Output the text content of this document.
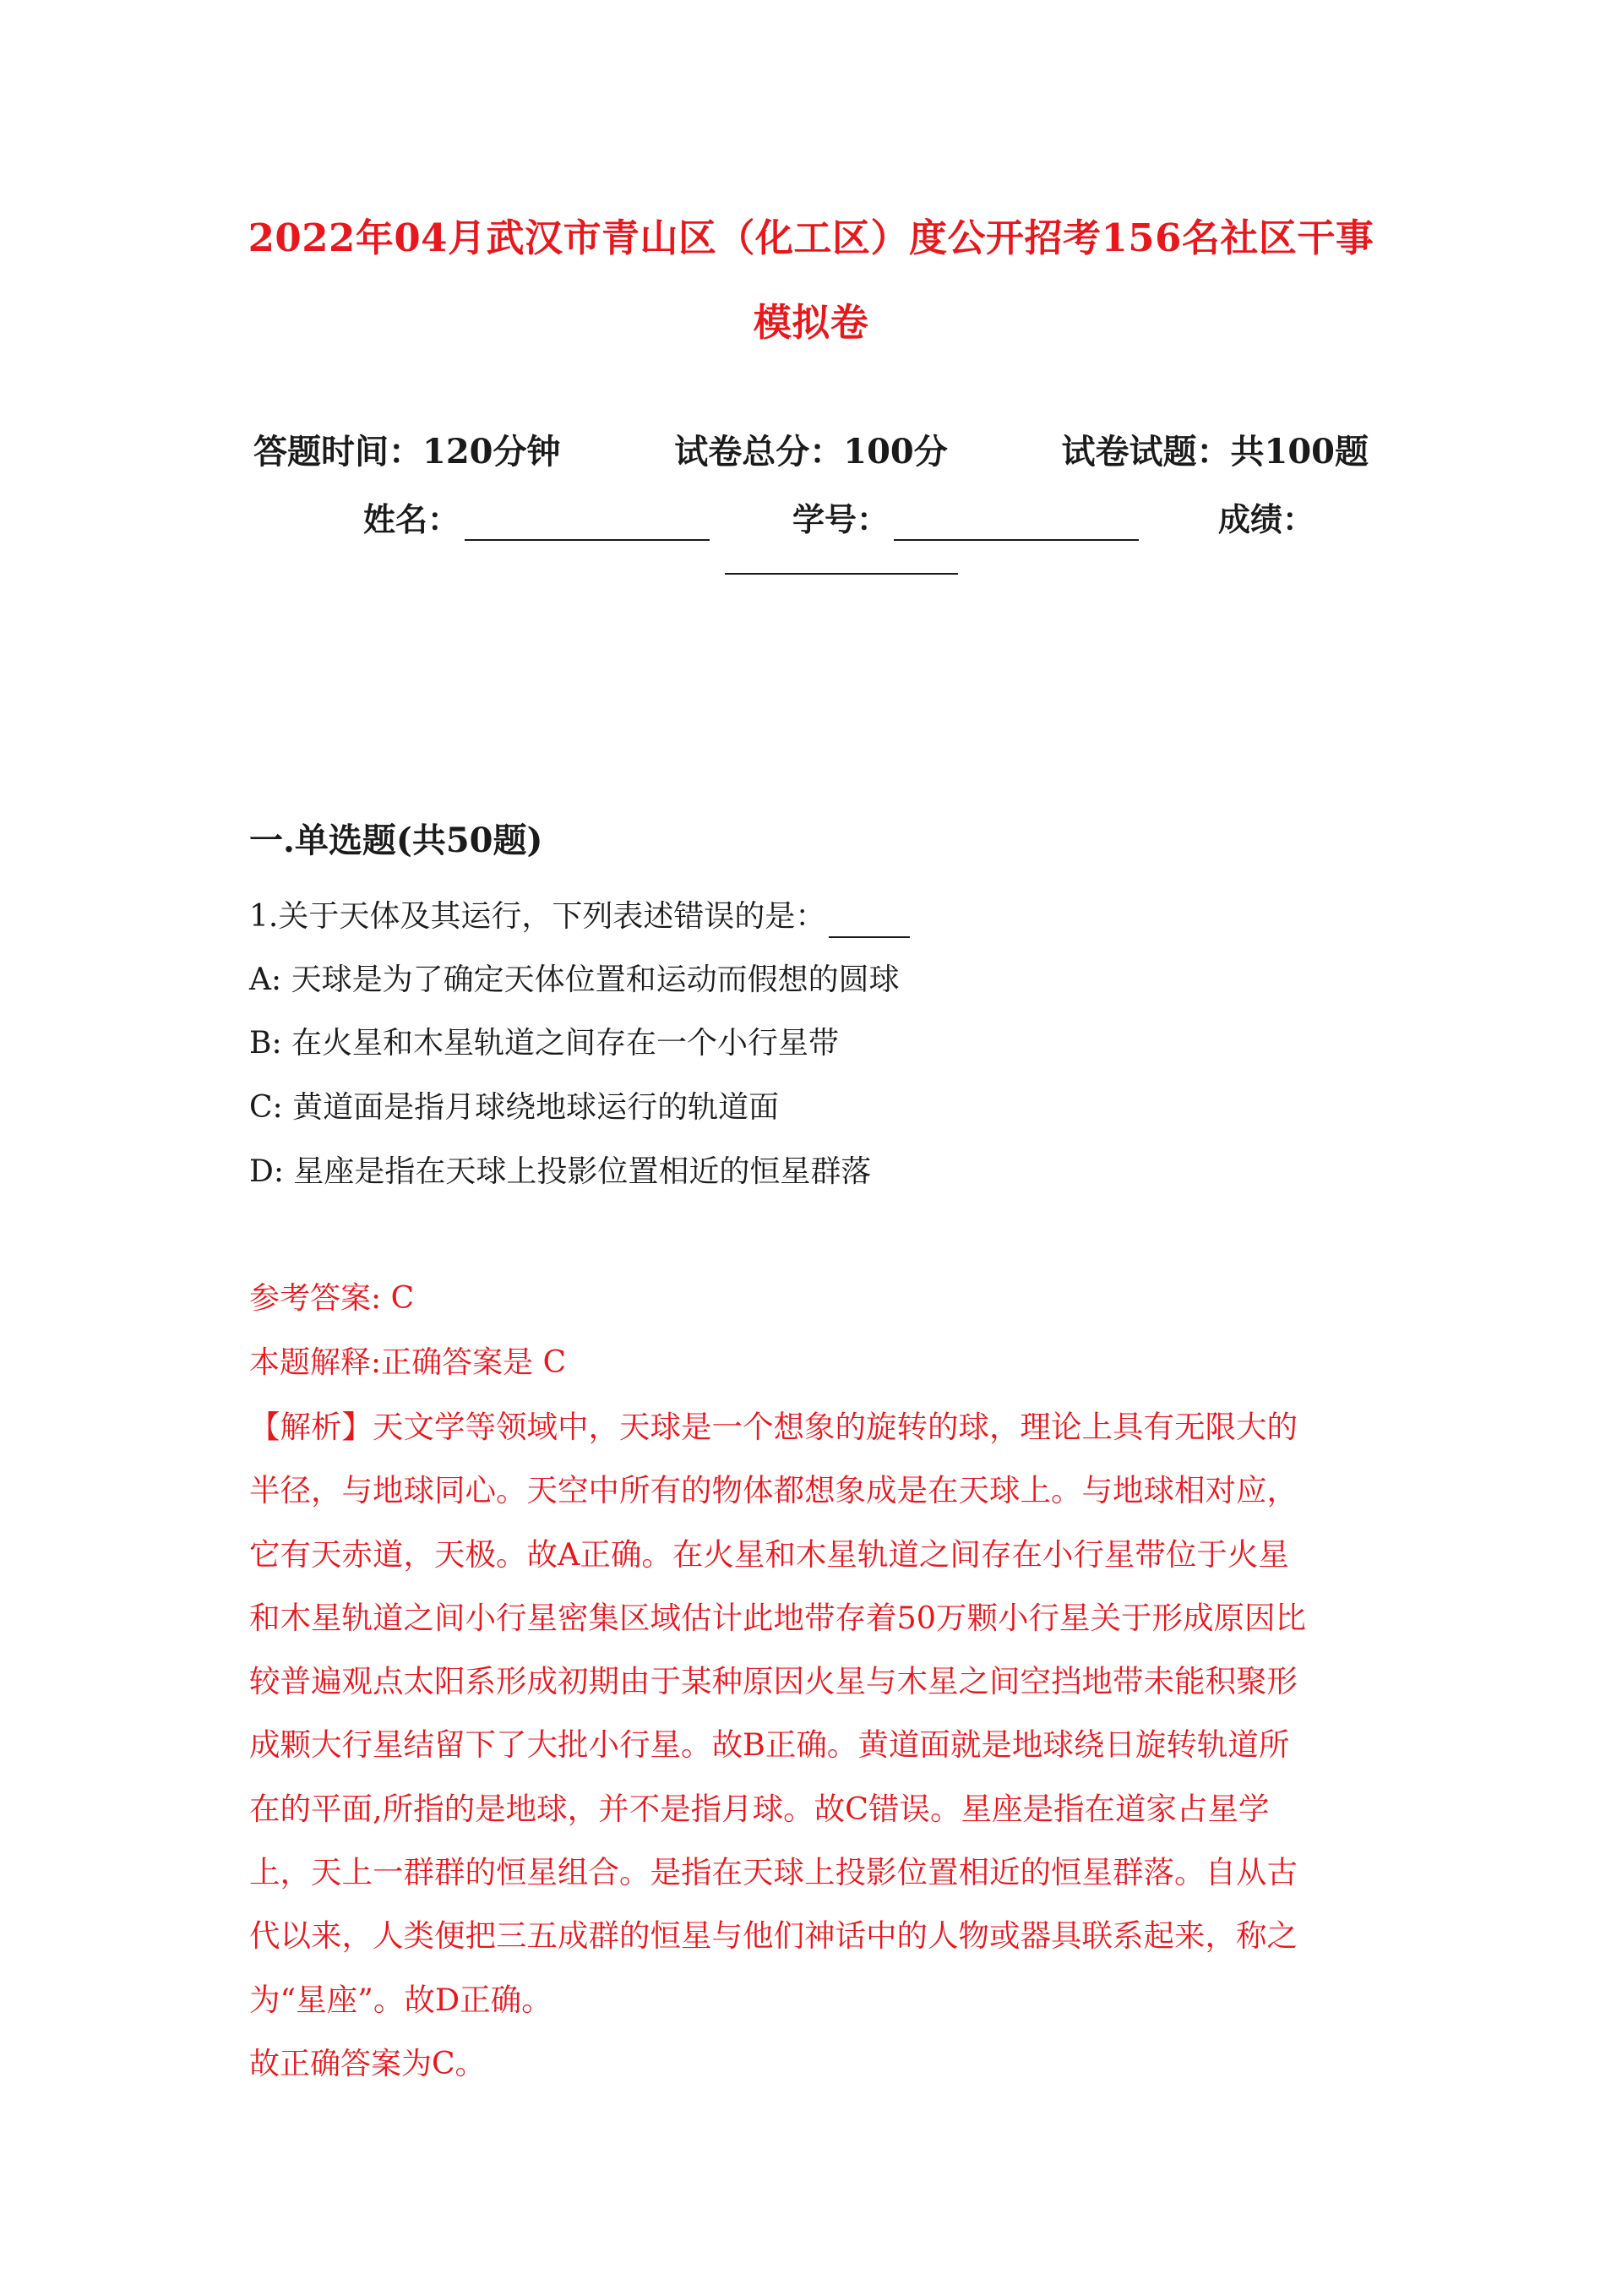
2022年04月武汉市青山区（化工区）度公开招考156名社区干事
模拟卷
答题时间：120分钟	试卷总分：100分	试卷试题：共100题
姓名：	学号：	成绩：
一.单选题(共50题)
1.关于天体及其运行，下列表述错误的是：
A: 天球是为了确定天体位置和运动而假想的圆球
B: 在火星和木星轨道之间存在一个小行星带
C: 黄道面是指月球绕地球运行的轨道面
D: 星座是指在天球上投影位置相近的恒星群落
参考答案: C
本题解释:正确答案是 C
【解析】天文学等领域中，天球是一个想象的旋转的球，理论上具有无限大的
半径，与地球同心。天空中所有的物体都想象成是在天球上。与地球相对应，
它有天赤道，天极。故A正确。在火星和木星轨道之间存在小行星带位于火星
和木星轨道之间小行星密集区域估计此地带存着50万颗小行星关于形成原因比
较普遍观点太阳系形成初期由于某种原因火星与木星之间空挡地带未能积聚形
成颗大行星结留下了大批小行星。故B正确。黄道面就是地球绕日旋转轨道所
在的平面,所指的是地球，并不是指月球。故C错误。星座是指在道家占星学
上，天上一群群的恒星组合。是指在天球上投影位置相近的恒星群落。自从古
代以来，人类便把三五成群的恒星与他们神话中的人物或器具联系起来，称之
为“星座”。故D正确。
故正确答案为C。
